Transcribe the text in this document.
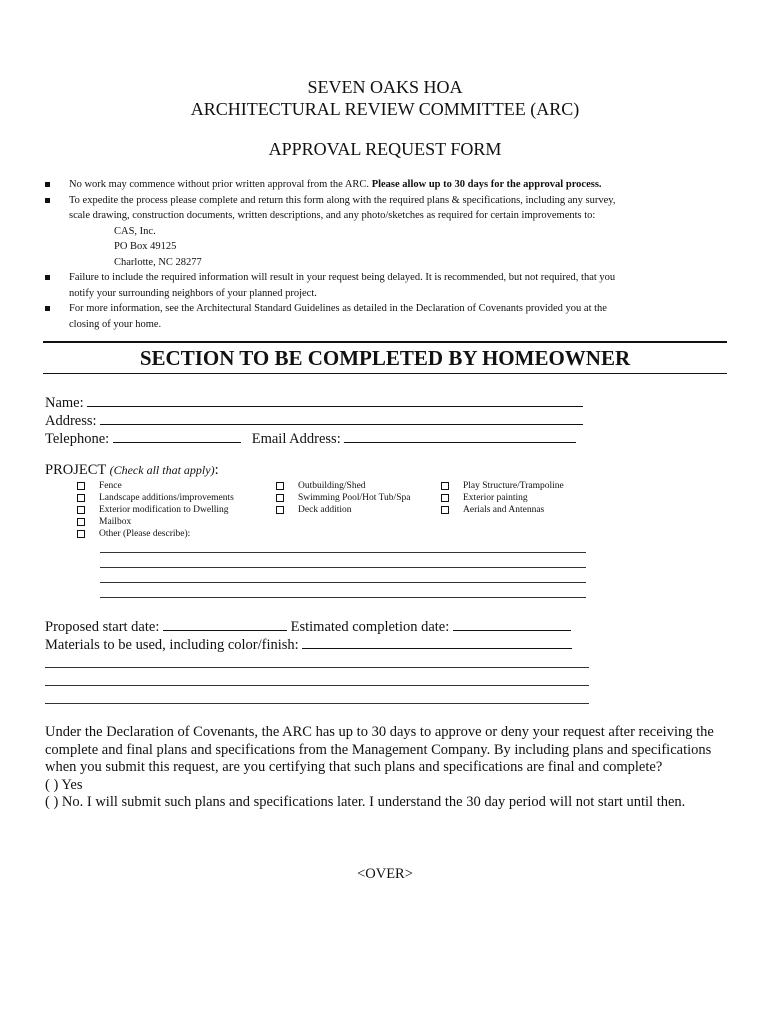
SEVEN OAKS HOA
ARCHITECTURAL REVIEW COMMITTEE (ARC)
APPROVAL REQUEST FORM
No work may commence without prior written approval from the ARC. Please allow up to 30 days for the approval process.
To expedite the process please complete and return this form along with the required plans & specifications, including any survey,
scale drawing, construction documents, written descriptions, and any photo/sketches as required for certain improvements to:
CAS, Inc.
PO Box 49125
Charlotte, NC 28277
Failure to include the required information will result in your request being delayed. It is recommended, but not required, that you
notify your surrounding neighbors of your planned project.
For more information, see the Architectural Standard Guidelines as detailed in the Declaration of Covenants provided you at the
closing of your home.
SECTION TO BE COMPLETED BY HOMEOWNER
Name:
Address:
Telephone:	Email Address:
PROJECT (Check all that apply):
Fence
Landscape additions/improvements
Exterior modification to Dwelling
Mailbox
Other (Please describe):
Outbuilding/Shed
Swimming Pool/Hot Tub/Spa
Deck addition
Play Structure/Trampoline
Exterior painting
Aerials and Antennas
Proposed start date:	Estimated completion date:
Materials to be used, including color/finish:
Under the Declaration of Covenants, the ARC has up to 30 days to approve or deny your request after receiving the complete and final plans and specifications from the Management Company. By including plans and specifications when you submit this request, are you certifying that such plans and specifications are final and complete?
( ) Yes
( ) No. I will submit such plans and specifications later. I understand the 30 day period will not start until then.
<OVER>
